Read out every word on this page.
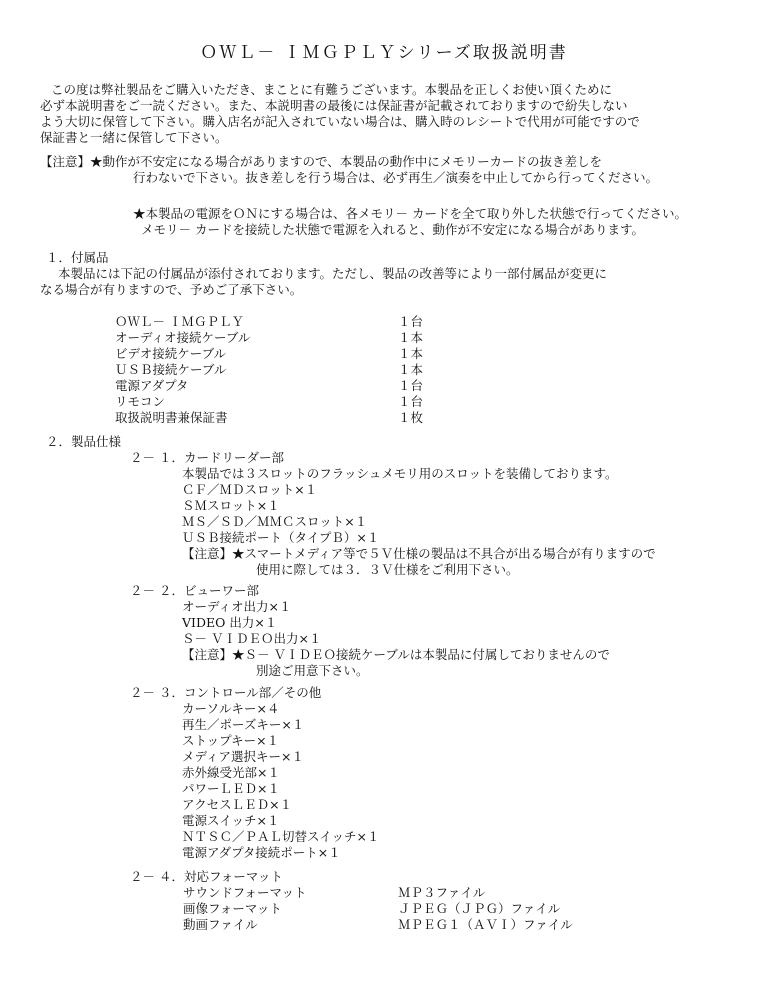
ＯＷＬ－ ＩＭＧＰＬＹシリーズ取扱説明書

この度は弊社製品をご購入いただき、まことに有難うございます。本製品を正しくお使い頂くために

必ず本説明書をご一読ください。また、本説明書の最後には保証書が記載されておりますので紛失しない

よう大切に保管して下さい。購入店名が記入されていない場合は、購入時のレシートで代用が可能ですので

保証書と一緒に保管して下さい。

【注意】★動作が不安定になる場合がありますので、本製品の動作中にメモリーカードの抜き差しを

行わないで下さい。抜き差しを行う場合は、必ず再生／演奏を中止してから行ってください。

★本製品の電源をＯＮにする場合は、各メモリ－ カードを全て取り外した状態で行ってください。

メモリ－ カードを接続した状態で電源を入れると、動作が不安定になる場合があります。

１．付属品

本製品には下記の付属品が添付されております。ただし、製品の改善等により一部付属品が変更に

なる場合が有りますので、予めご了承下さい。

ＯＷＬ－ ＩＭＧＰＬＹ	１台
オーディオ接続ケーブル	１本
ビデオ接続ケーブル	１本
ＵＳＢ接続ケーブル	１本
電源アダプタ	１台
リモコン	１台
取扱説明書兼保証書	１枚

２．製品仕様

２－ １．カードリーダー部

本製品では３スロットのフラッシュメモリ用のスロットを装備しております。

ＣＦ／ＭＤスロット×１

ＳＭスロット×１

ＭＳ／ＳＤ／ＭＭＣスロット×１

ＵＳＢ接続ポート（タイプＢ）×１

【注意】★スマートメディア等で５Ｖ仕様の製品は不具合が出る場合が有りますので

使用に際しては３．３Ｖ仕様をご利用下さい。

２－ ２．ビューワー部

オーディオ出力×１

VIDEO 出力×１

Ｓ－ ＶＩＤＥＯ出力×１

【注意】★Ｓ－ ＶＩＤＥＯ接続ケーブルは本製品に付属しておりませんので

別途ご用意下さい。

２－ ３．コントロール部／その他

カーソルキー×４

再生／ポーズキー×１

ストップキー×１

メディア選択キー×１

赤外線受光部×１

パワーＬＥＤ×１

アクセスＬＥＤ×１

電源スイッチ×１

ＮＴＳＣ／ＰＡＬ切替スイッチ×１

電源アダプタ接続ポート×１

２－ ４．対応フォーマット

サウンドフォーマット	ＭＰ３ファイル
画像フォーマット	ＪＰＥＧ（ＪＰＧ）ファイル
動画ファイル	ＭＰＥＧ１（ＡＶＩ）ファイル
